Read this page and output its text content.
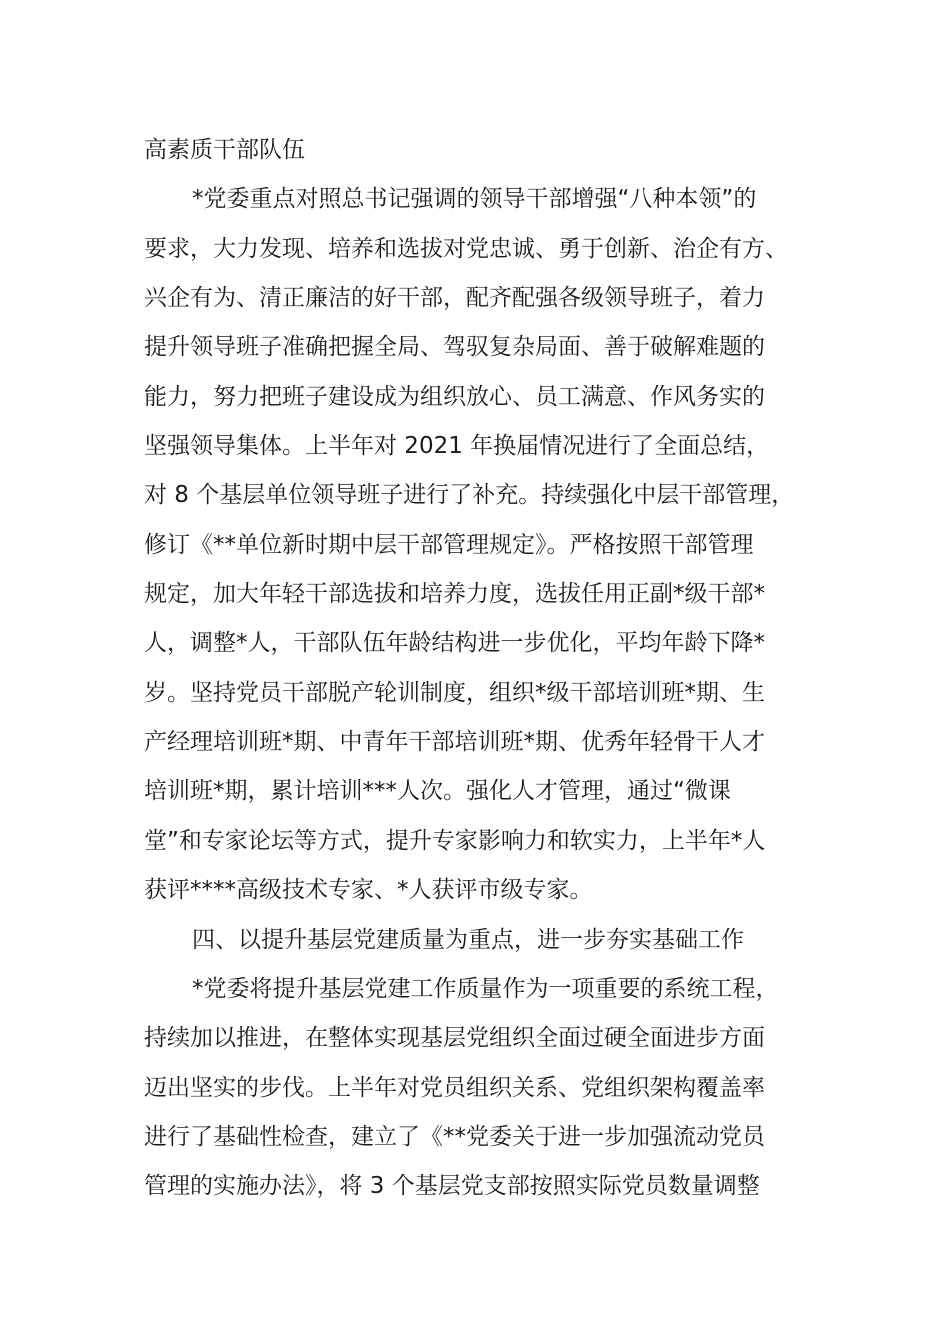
高素质干部队伍
*党委重点对照总书记强调的领导干部增强“八种本领”的
要求，大力发现、培养和选拔对党忠诚、勇于创新、治企有方、
兴企有为、清正廉洁的好干部，配齐配强各级领导班子，着力
提升领导班子准确把握全局、驾驭复杂局面、善于破解难题的
能力，努力把班子建设成为组织放心、员工满意、作风务实的
坚强领导集体。上半年对 2021 年换届情况进行了全面总结，
对 8 个基层单位领导班子进行了补充。持续强化中层干部管理，
修订《**单位新时期中层干部管理规定》。严格按照干部管理
规定，加大年轻干部选拔和培养力度，选拔任用正副*级干部*
人，调整*人，干部队伍年龄结构进一步优化，平均年龄下降*
岁。坚持党员干部脱产轮训制度，组织*级干部培训班*期、生
产经理培训班*期、中青年干部培训班*期、优秀年轻骨干人才
培训班*期，累计培训***人次。强化人才管理，通过“微课
堂”和专家论坛等方式，提升专家影响力和软实力，上半年*人
获评****高级技术专家、*人获评市级专家。
四、以提升基层党建质量为重点，进一步夯实基础工作
*党委将提升基层党建工作质量作为一项重要的系统工程，
持续加以推进，在整体实现基层党组织全面过硬全面进步方面
迈出坚实的步伐。上半年对党员组织关系、党组织架构覆盖率
进行了基础性检查，建立了《**党委关于进一步加强流动党员
管理的实施办法》，将 3 个基层党支部按照实际党员数量调整
